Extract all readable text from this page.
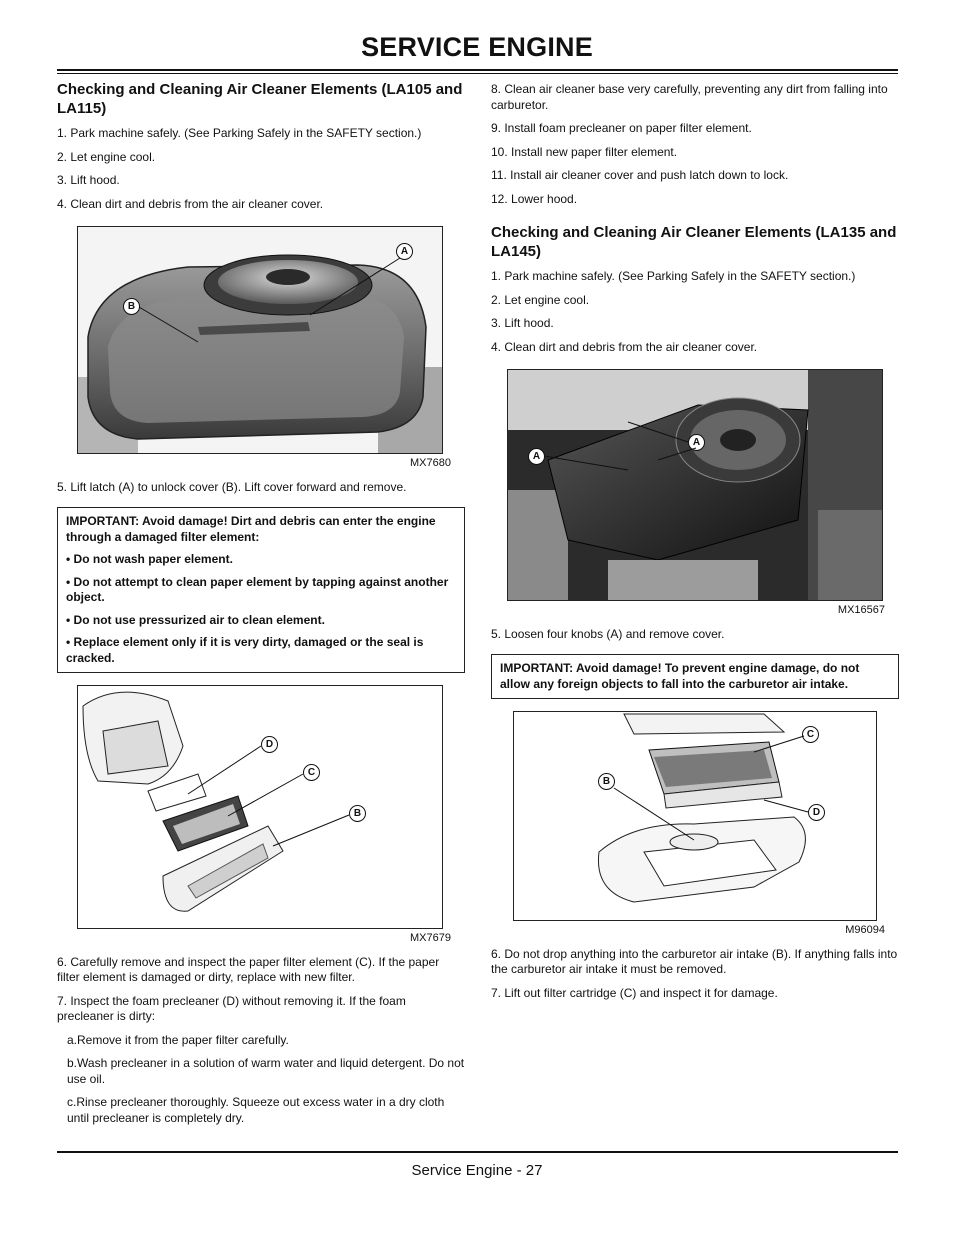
SERVICE ENGINE
Checking and Cleaning Air Cleaner Elements (LA105 and LA115)

1. Park machine safely. (See Parking Safely in the SAFETY section.)

2. Let engine cool.

3. Lift hood.

4. Clean dirt and debris from the air cleaner cover.

A
B
MX7680

5. Lift latch (A) to unlock cover (B). Lift cover forward and remove.

IMPORTANT: Avoid damage! Dirt and debris can enter the engine through a damaged filter element:

• Do not wash paper element.

• Do not attempt to clean paper element by tapping against another object.

• Do not use pressurized air to clean element.

• Replace element only if it is very dirty, damaged or the seal is cracked.

D
C
B
MX7679

6. Carefully remove and inspect the paper filter element (C). If the paper filter element is damaged or dirty, replace with new filter.

7. Inspect the foam precleaner (D) without removing it. If the foam precleaner is dirty:

a.Remove it from the paper filter carefully.

b.Wash precleaner in a solution of warm water and liquid detergent. Do not use oil.

c.Rinse precleaner thoroughly. Squeeze out excess water in a dry cloth until precleaner is completely dry.

8. Clean air cleaner base very carefully, preventing any dirt from falling into carburetor.

9. Install foam precleaner on paper filter element.

10. Install new paper filter element.

11. Install air cleaner cover and push latch down to lock.

12. Lower hood.

Checking and Cleaning Air Cleaner Elements (LA135 and LA145)

1. Park machine safely. (See Parking Safely in the SAFETY section.)

2. Let engine cool.

3. Lift hood.

4. Clean dirt and debris from the air cleaner cover.

A
A
MX16567

5. Loosen four knobs (A) and remove cover.

IMPORTANT: Avoid damage! To prevent engine damage, do not allow any foreign objects to fall into the carburetor air intake.

C
B
D
M96094

6. Do not drop anything into the carburetor air intake (B). If anything falls into the carburetor air intake it must be removed.

7. Lift out filter cartridge (C) and inspect it for damage.

Service Engine - 27
